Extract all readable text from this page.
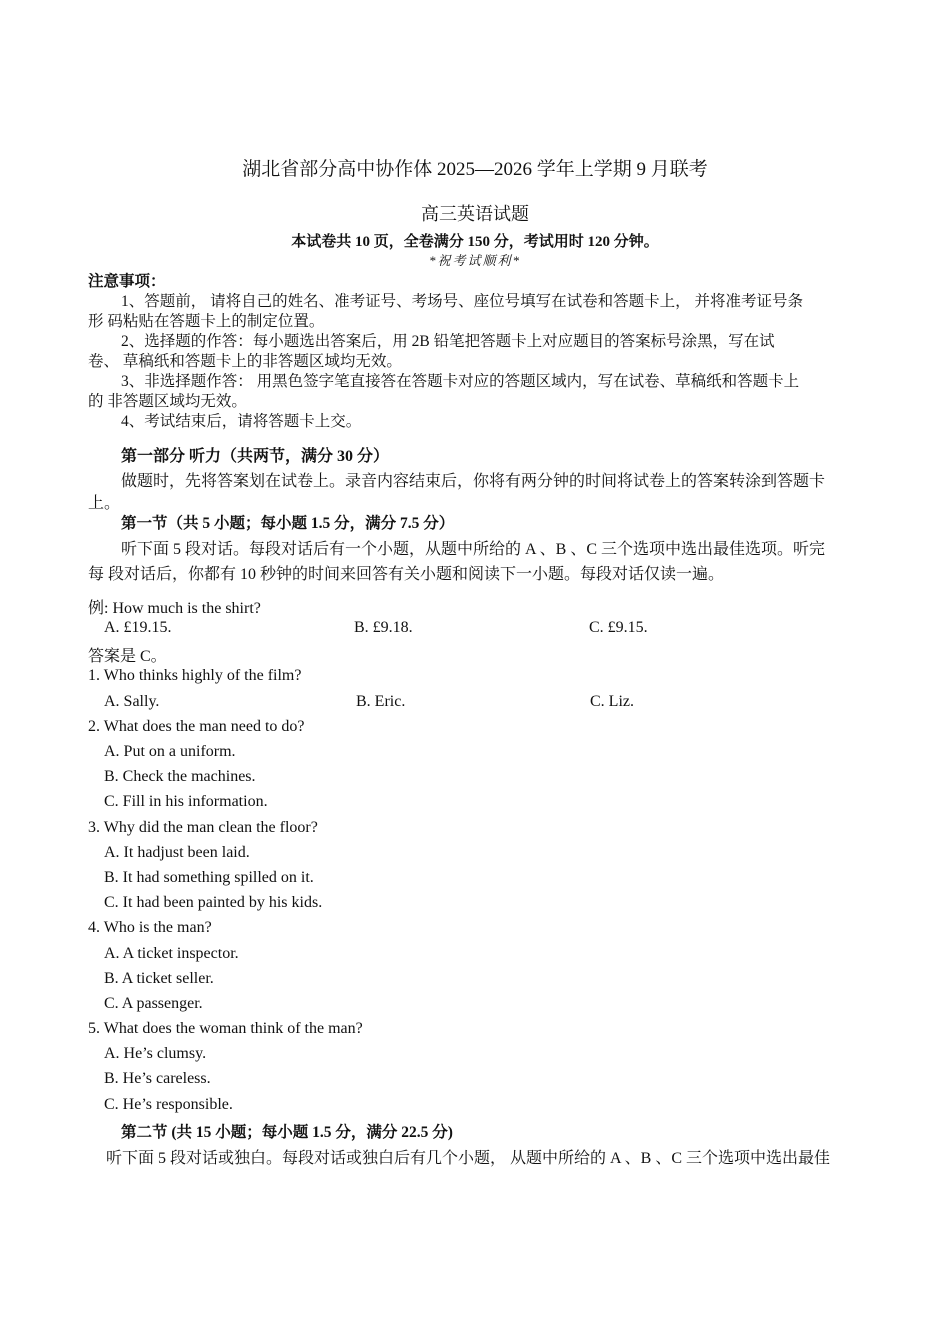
湖北省部分高中协作体 2025—2026 学年上学期 9 月联考
高三英语试题
本试卷共 10 页，全卷满分 150 分，考试用时 120 分钟。
*祝考试顺利*
注意事项：
1、答题前， 请将自己的姓名、准考证号、考场号、座位号填写在试卷和答题卡上， 并将准考证号条
形 码粘贴在答题卡上的制定位置。
2、选择题的作答：每小题选出答案后，用 2B 铅笔把答题卡上对应题目的答案标号涂黑，写在试
卷、 草稿纸和答题卡上的非答题区域均无效。
3、非选择题作答： 用黑色签字笔直接答在答题卡对应的答题区域内，写在试卷、草稿纸和答题卡上
的 非答题区域均无效。
4、考试结束后，请将答题卡上交。
第一部分 听力（共两节，满分 30 分）
做题时，先将答案划在试卷上。录音内容结束后，你将有两分钟的时间将试卷上的答案转涂到答题卡
上。
第一节（共 5 小题；每小题 1.5 分，满分 7.5 分）
听下面 5 段对话。每段对话后有一个小题，从题中所给的 A 、B 、C 三个选项中选出最佳选项。听完
每 段对话后，你都有 10 秒钟的时间来回答有关小题和阅读下一小题。每段对话仅读一遍。
例: How much is the shirt?
A. £19.15.	B. £9.18.	C. £9.15.
答案是 C。
1. Who thinks highly of the film?
A. Sally.	B. Eric.	C. Liz.
2. What does the man need to do?
A. Put on a uniform.
B. Check the machines.
C. Fill in his information.
3. Why did the man clean the floor?
A. It hadjust been laid.
B. It had something spilled on it.
C. It had been painted by his kids.
4. Who is the man?
A. A ticket inspector.
B. A ticket seller.
C. A passenger.
5. What does the woman think of the man?
A. He’s clumsy.
B. He’s careless.
C. He’s responsible.
第二节 (共 15 小题；每小题 1.5 分，满分 22.5 分)
听下面 5 段对话或独白。每段对话或独白后有几个小题， 从题中所给的 A 、B 、C 三个选项中选出最佳
